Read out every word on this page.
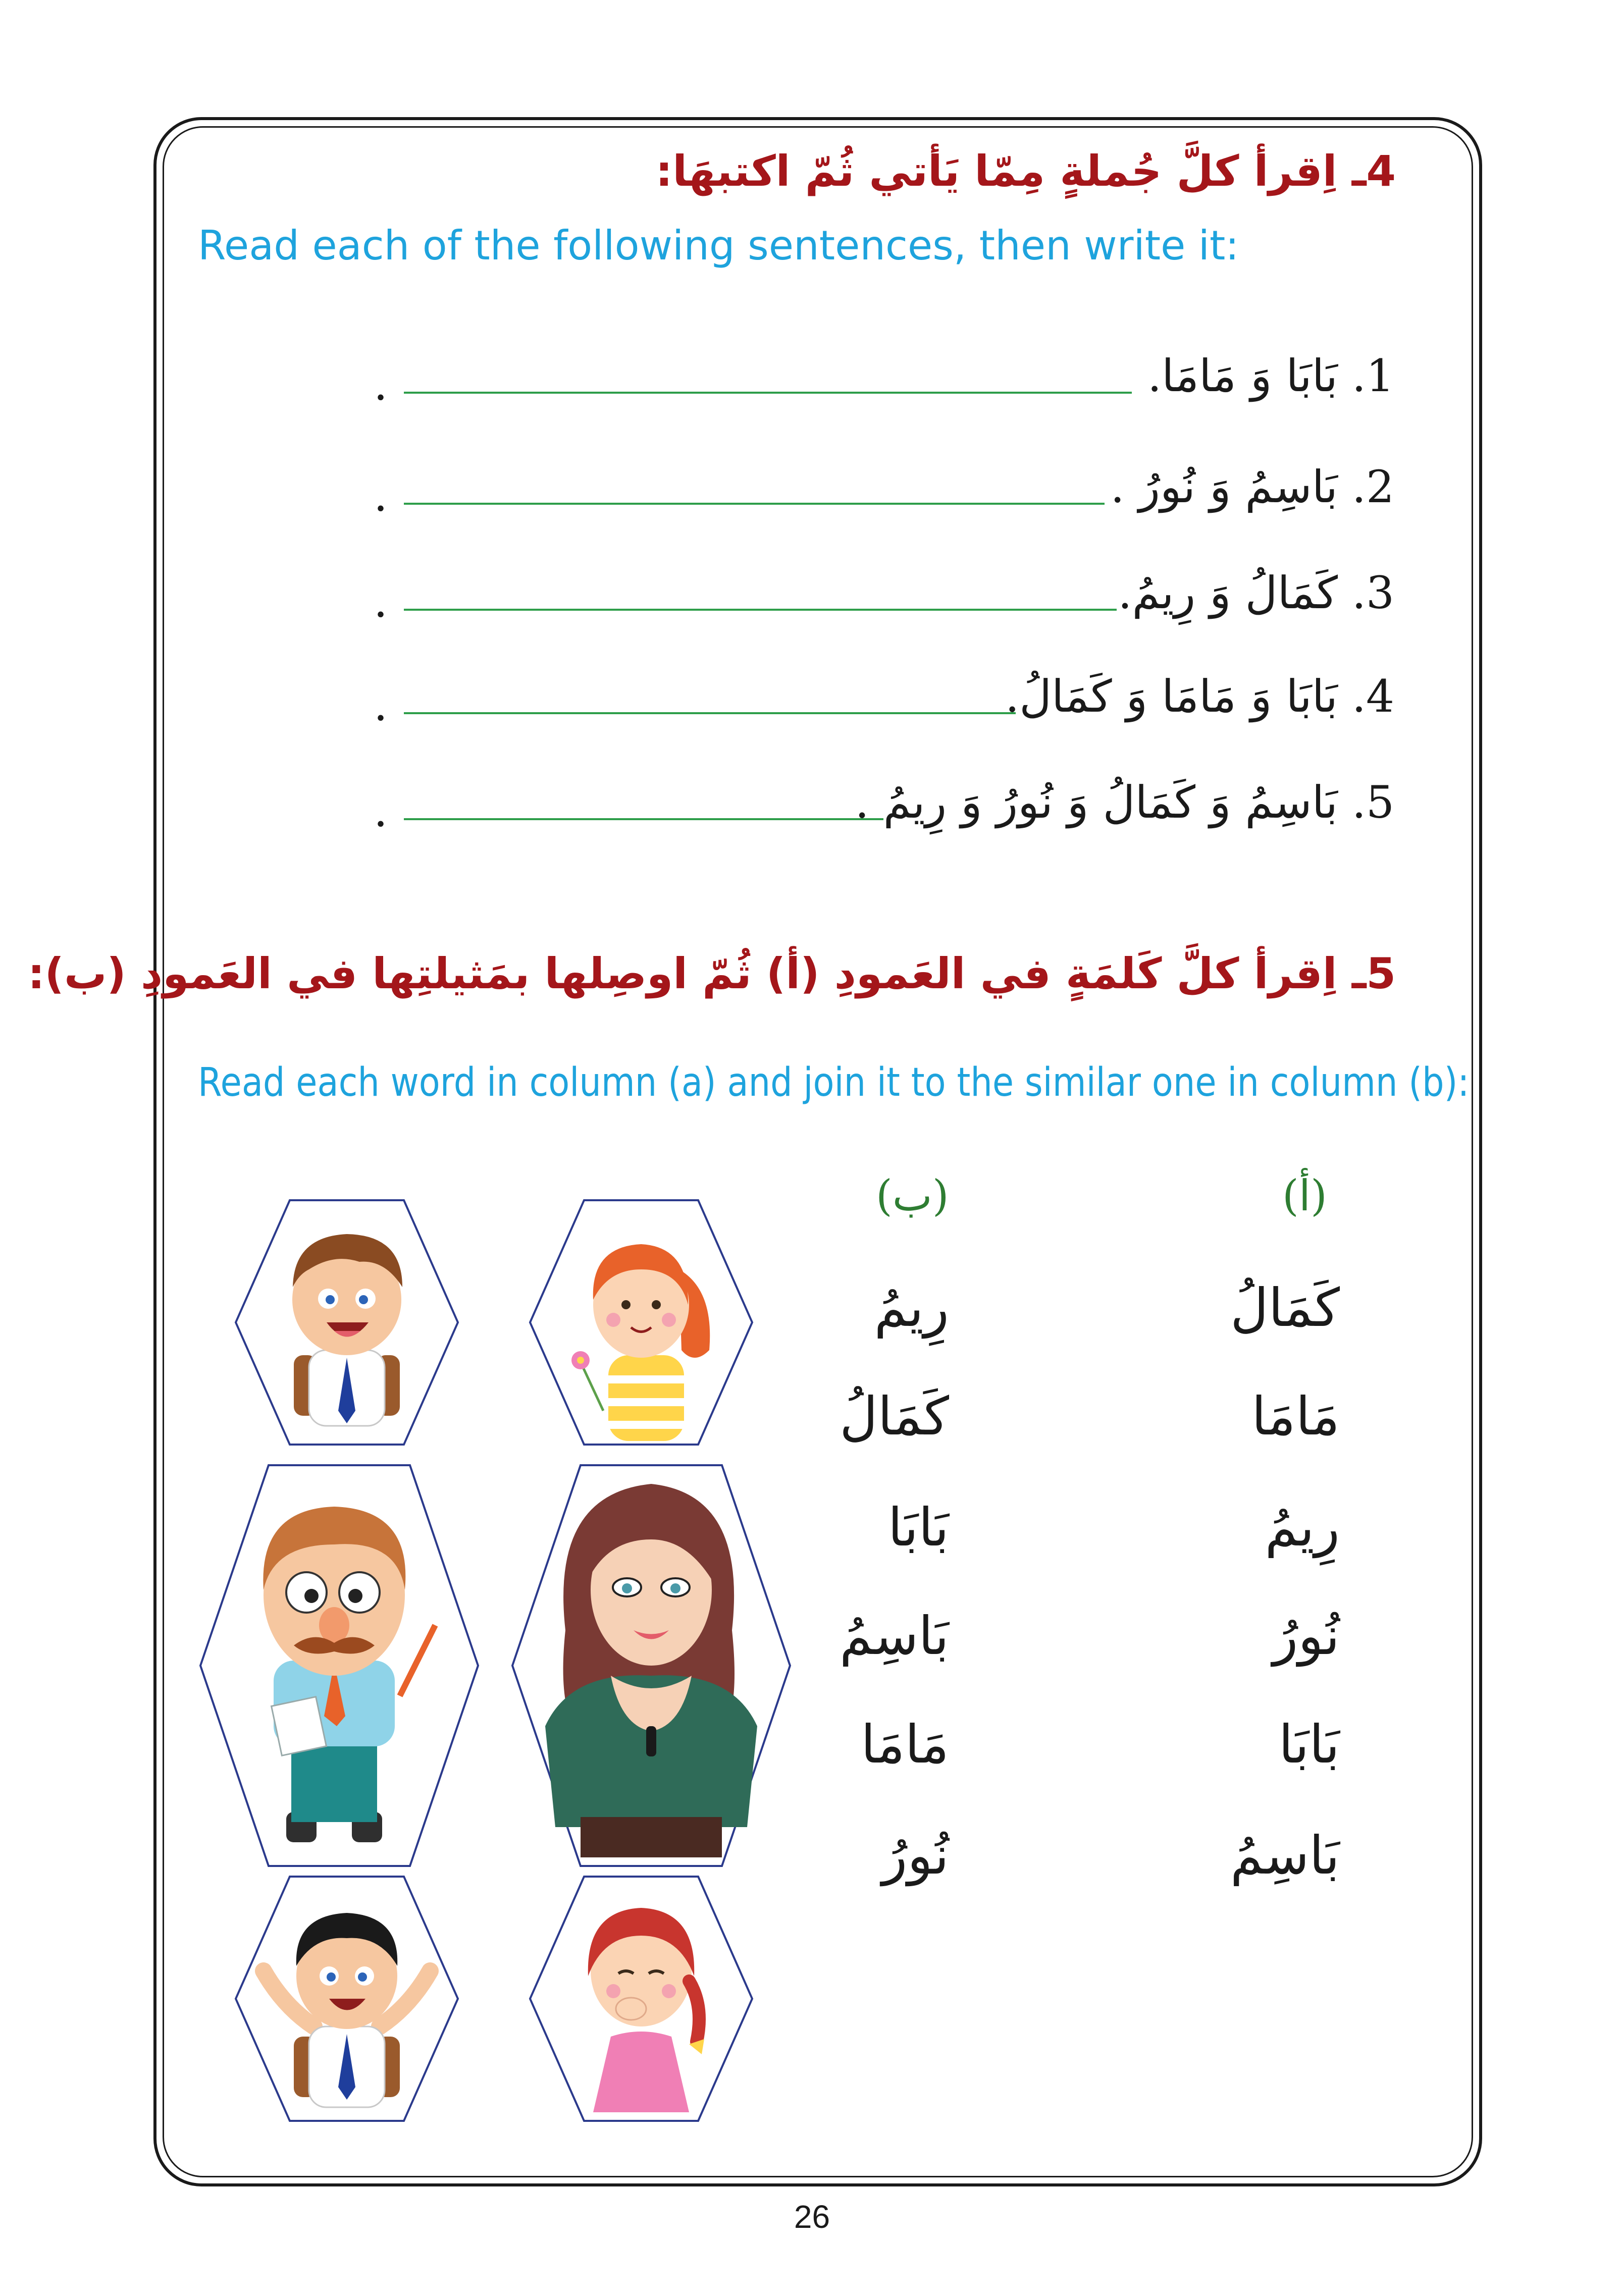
4ـ اِقرأ كلَّ جُملةٍ مِمّا يَأتي ثُمّ اكتبهَا:
Read each of the following sentences, then write it:
1. بَابَا وَ مَامَا.
.
2. بَاسِمُ وَ نُورُ .
.
3. كَمَالُ وَ رِيمُ.
.
4. بَابَا وَ مَامَا وَ كَمَالُ.
.
5. بَاسِمُ وَ كَمَالُ وَ نُورُ وَ رِيمُ .
.
5ـ اِقرأ كلَّ كَلمَةٍ في العَمودِ (أ) ثُمّ اوصِلها بمَثيلتِها في العَمودِ (ب):
Read each word in column (a) and join it to the similar one in column (b):
(أ)
(ب)
كَمَالُ
مَامَا
رِيمُ
نُورُ
بَابَا
بَاسِمُ
رِيمُ
كَمَالُ
بَابَا
بَاسِمُ
مَامَا
نُورُ
26
